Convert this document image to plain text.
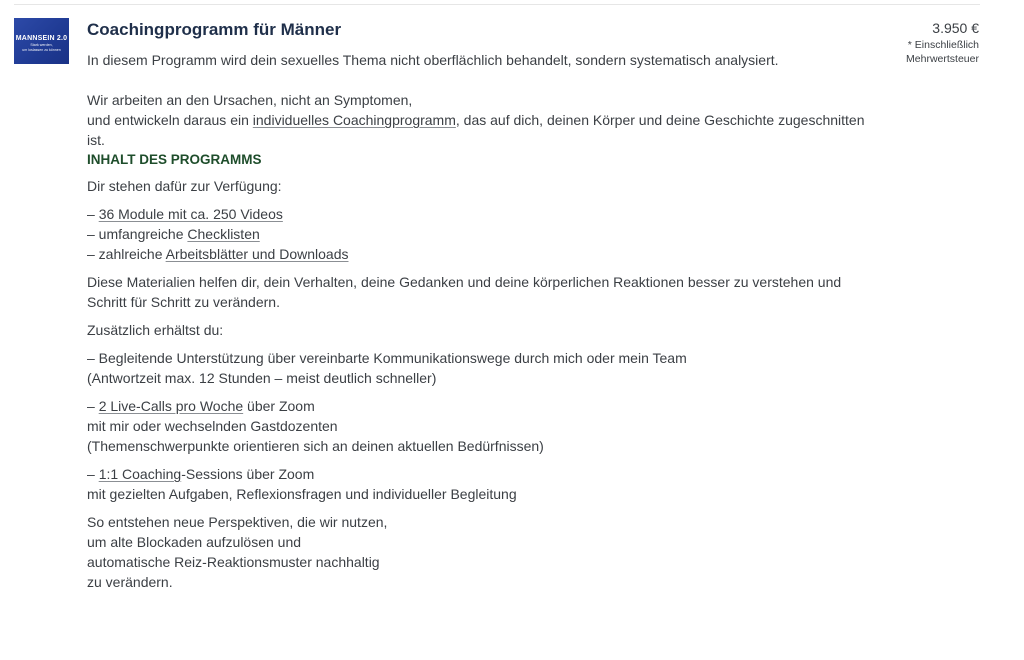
MANNSEIN 2.0
Stark werden,
um loslassen zu können
Coachingprogramm für Männer

In diesem Programm wird dein sexuelles Thema nicht oberflächlich behandelt, sondern systematisch analysiert.

Wir arbeiten an den Ursachen, nicht an Symptomen,
und entwickeln daraus ein individuelles Coachingprogramm, das auf dich, deinen Körper und deine Geschichte zugeschnitten
ist.

INHALT DES PROGRAMMS

Dir stehen dafür zur Verfügung:

– 36 Module mit ca. 250 Videos
– umfangreiche Checklisten
– zahlreiche Arbeitsblätter und Downloads

Diese Materialien helfen dir, dein Verhalten, deine Gedanken und deine körperlichen Reaktionen besser zu verstehen und
Schritt für Schritt zu verändern.

Zusätzlich erhältst du:

– Begleitende Unterstützung über vereinbarte Kommunikationswege durch mich oder mein Team
(Antwortzeit max. 12 Stunden – meist deutlich schneller)

– 2 Live-Calls pro Woche über Zoom
mit mir oder wechselnden Gastdozenten
(Themenschwerpunkte orientieren sich an deinen aktuellen Bedürfnissen)

– 1:1 Coaching-Sessions über Zoom
mit gezielten Aufgaben, Reflexionsfragen und individueller Begleitung

So entstehen neue Perspektiven, die wir nutzen,
um alte Blockaden aufzulösen und
automatische Reiz-Reaktionsmuster nachhaltig
zu verändern.

3.950 €
* Einschließlich
Mehrwertsteuer
